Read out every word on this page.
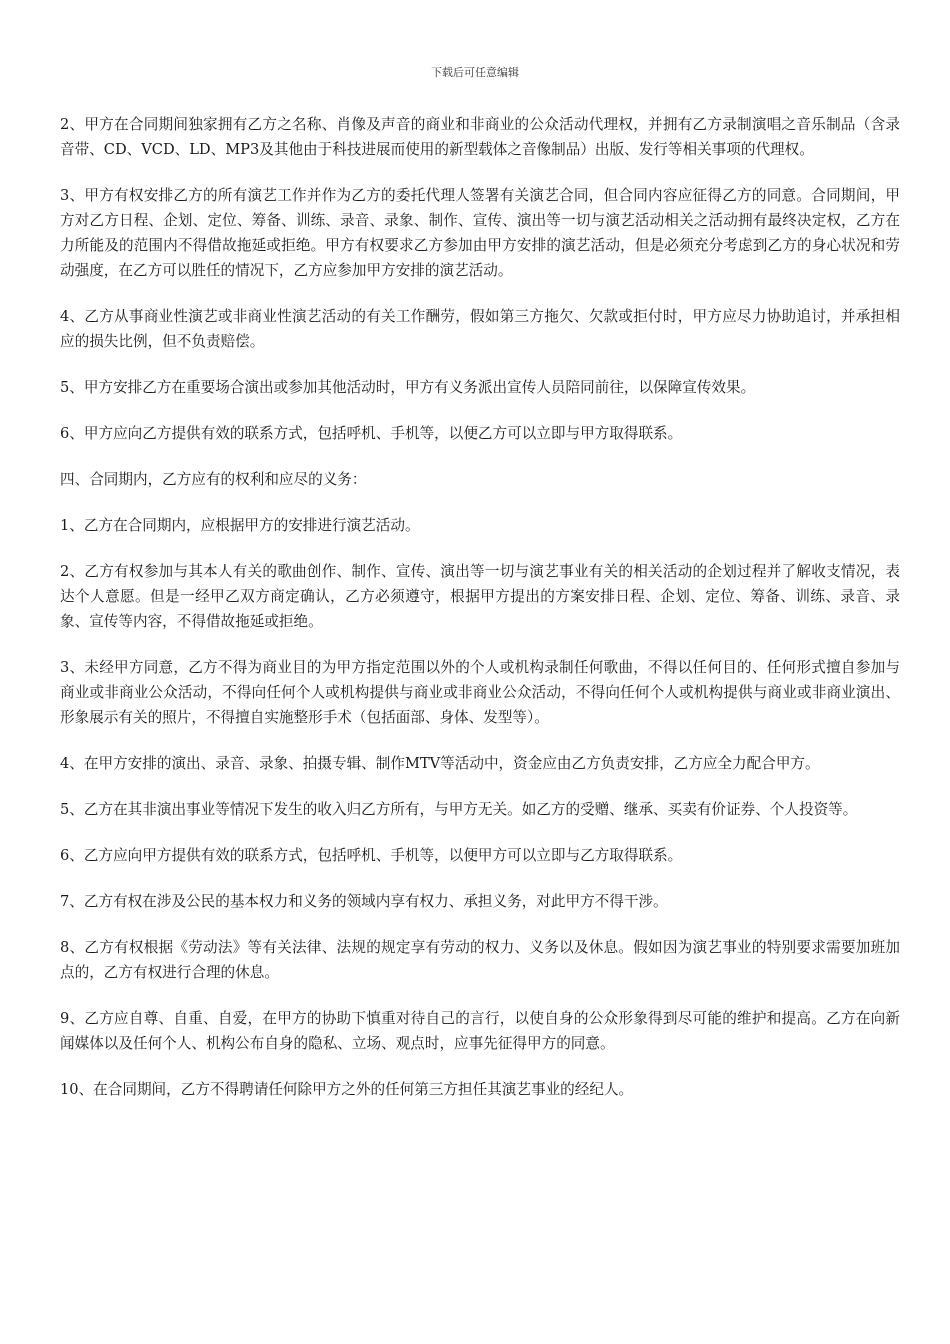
下载后可任意编辑

2、甲方在合同期间独家拥有乙方之名称、肖像及声音的商业和非商业的公众活动代理权，并拥有乙方录制演唱之音乐制品（含录音带、CD、VCD、LD、MP3及其他由于科技进展而使用的新型载体之音像制品）出版、发行等相关事项的代理权。

3、甲方有权安排乙方的所有演艺工作并作为乙方的委托代理人签署有关演艺合同，但合同内容应征得乙方的同意。合同期间，甲方对乙方日程、企划、定位、筹备、训练、录音、录象、制作、宣传、演出等一切与演艺活动相关之活动拥有最终决定权，乙方在力所能及的范围内不得借故拖延或拒绝。甲方有权要求乙方参加由甲方安排的演艺活动，但是必须充分考虑到乙方的身心状况和劳动强度，在乙方可以胜任的情况下，乙方应参加甲方安排的演艺活动。

4、乙方从事商业性演艺或非商业性演艺活动的有关工作酬劳，假如第三方拖欠、欠款或拒付时，甲方应尽力协助追讨，并承担相应的损失比例，但不负责赔偿。

5、甲方安排乙方在重要场合演出或参加其他活动时，甲方有义务派出宣传人员陪同前往，以保障宣传效果。

6、甲方应向乙方提供有效的联系方式，包括呼机、手机等，以便乙方可以立即与甲方取得联系。

四、合同期内，乙方应有的权利和应尽的义务：

1、乙方在合同期内，应根据甲方的安排进行演艺活动。

2、乙方有权参加与其本人有关的歌曲创作、制作、宣传、演出等一切与演艺事业有关的相关活动的企划过程并了解收支情况，表达个人意愿。但是一经甲乙双方商定确认，乙方必须遵守，根据甲方提出的方案安排日程、企划、定位、筹备、训练、录音、录象、宣传等内容，不得借故拖延或拒绝。

3、未经甲方同意，乙方不得为商业目的为甲方指定范围以外的个人或机构录制任何歌曲，不得以任何目的、任何形式擅自参加与商业或非商业公众活动，不得向任何个人或机构提供与商业或非商业公众活动，不得向任何个人或机构提供与商业或非商业演出、形象展示有关的照片，不得擅自实施整形手术（包括面部、身体、发型等）。

4、在甲方安排的演出、录音、录象、拍摄专辑、制作MTV等活动中，资金应由乙方负责安排，乙方应全力配合甲方。

5、乙方在其非演出事业等情况下发生的收入归乙方所有，与甲方无关。如乙方的受赠、继承、买卖有价证券、个人投资等。

6、乙方应向甲方提供有效的联系方式，包括呼机、手机等，以便甲方可以立即与乙方取得联系。

7、乙方有权在涉及公民的基本权力和义务的领域内享有权力、承担义务，对此甲方不得干涉。

8、乙方有权根据《劳动法》等有关法律、法规的规定享有劳动的权力、义务以及休息。假如因为演艺事业的特别要求需要加班加点的，乙方有权进行合理的休息。

9、乙方应自尊、自重、自爱，在甲方的协助下慎重对待自己的言行，以使自身的公众形象得到尽可能的维护和提高。乙方在向新闻媒体以及任何个人、机构公布自身的隐私、立场、观点时，应事先征得甲方的同意。

10、在合同期间，乙方不得聘请任何除甲方之外的任何第三方担任其演艺事业的经纪人。
